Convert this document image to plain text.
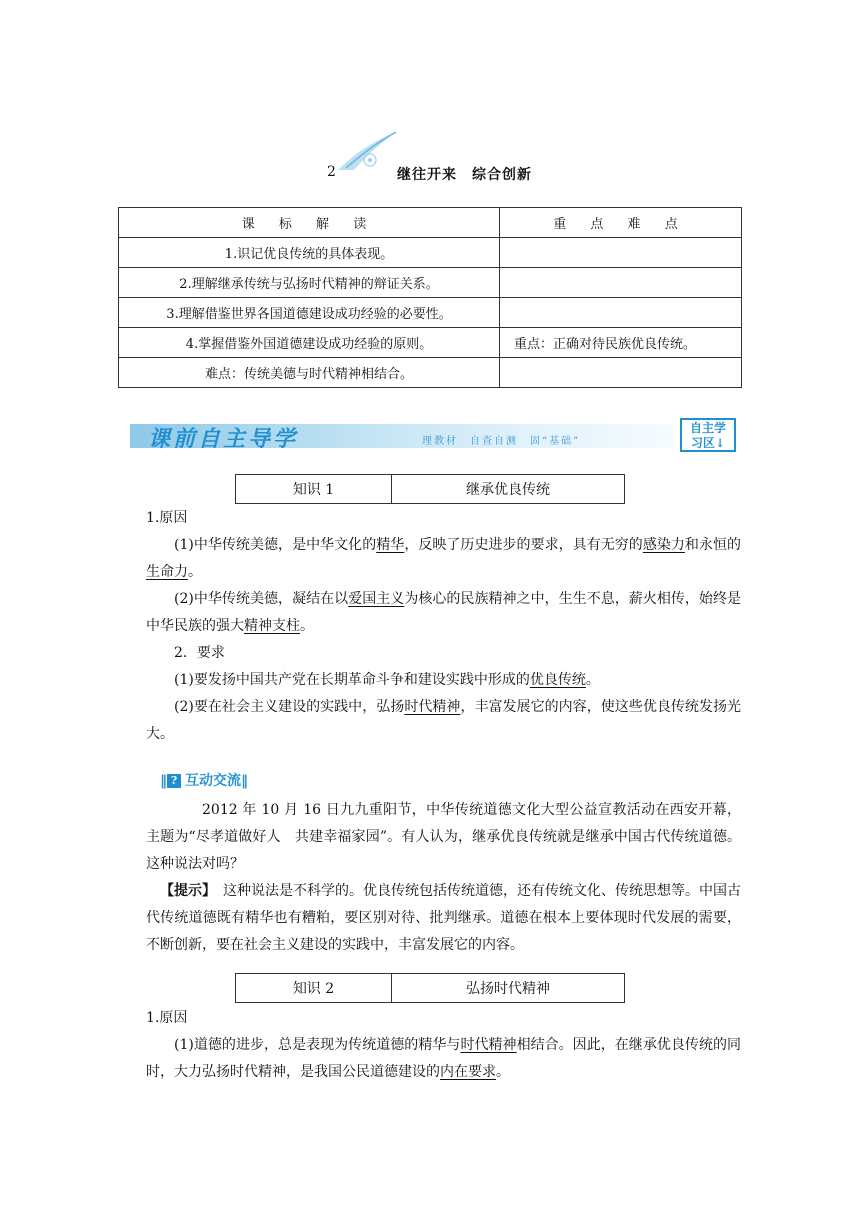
2	继往开来　综合创新
课 标 解 读	重 点 难 点
1.识记优良传统的具体表现。	
2.理解继承传统与弘扬时代精神的辩证关系。	
3.理解借鉴世界各国道德建设成功经验的必要性。	
4.掌握借鉴外国道德建设成功经验的原则。	重点：正确对待民族优良传统。
难点：传统美德与时代精神相结合。	
课前自主导学	理教材　自查自测　固“基础”
自主学
习区↓
知识 1	继承优良传统
1.原因
(1)中华传统美德，是中华文化的精华，反映了历史进步的要求，具有无穷的感染力和永恒的生命力。
(2)中华传统美德，凝结在以爱国主义为核心的民族精神之中，生生不息，薪火相传，始终是中华民族的强大精神支柱。
2．要求
(1)要发扬中国共产党在长期革命斗争和建设实践中形成的优良传统。
(2)要在社会主义建设的实践中，弘扬时代精神，丰富发展它的内容，使这些优良传统发扬光大。
‖ ? 互动交流‖
2012 年 10 月 16 日九九重阳节，中华传统道德文化大型公益宣教活动在西安开幕，主题为“尽孝道做好人　共建幸福家园”。有人认为，继承优良传统就是继承中国古代传统道德。这种说法对吗？
【提示】　这种说法是不科学的。优良传统包括传统道德，还有传统文化、传统思想等。中国古代传统道德既有精华也有糟粕，要区别对待、批判继承。道德在根本上要体现时代发展的需要，不断创新，要在社会主义建设的实践中，丰富发展它的内容。
知识 2	弘扬时代精神
1.原因
(1)道德的进步，总是表现为传统道德的精华与时代精神相结合。因此，在继承优良传统的同时，大力弘扬时代精神，是我国公民道德建设的内在要求。
